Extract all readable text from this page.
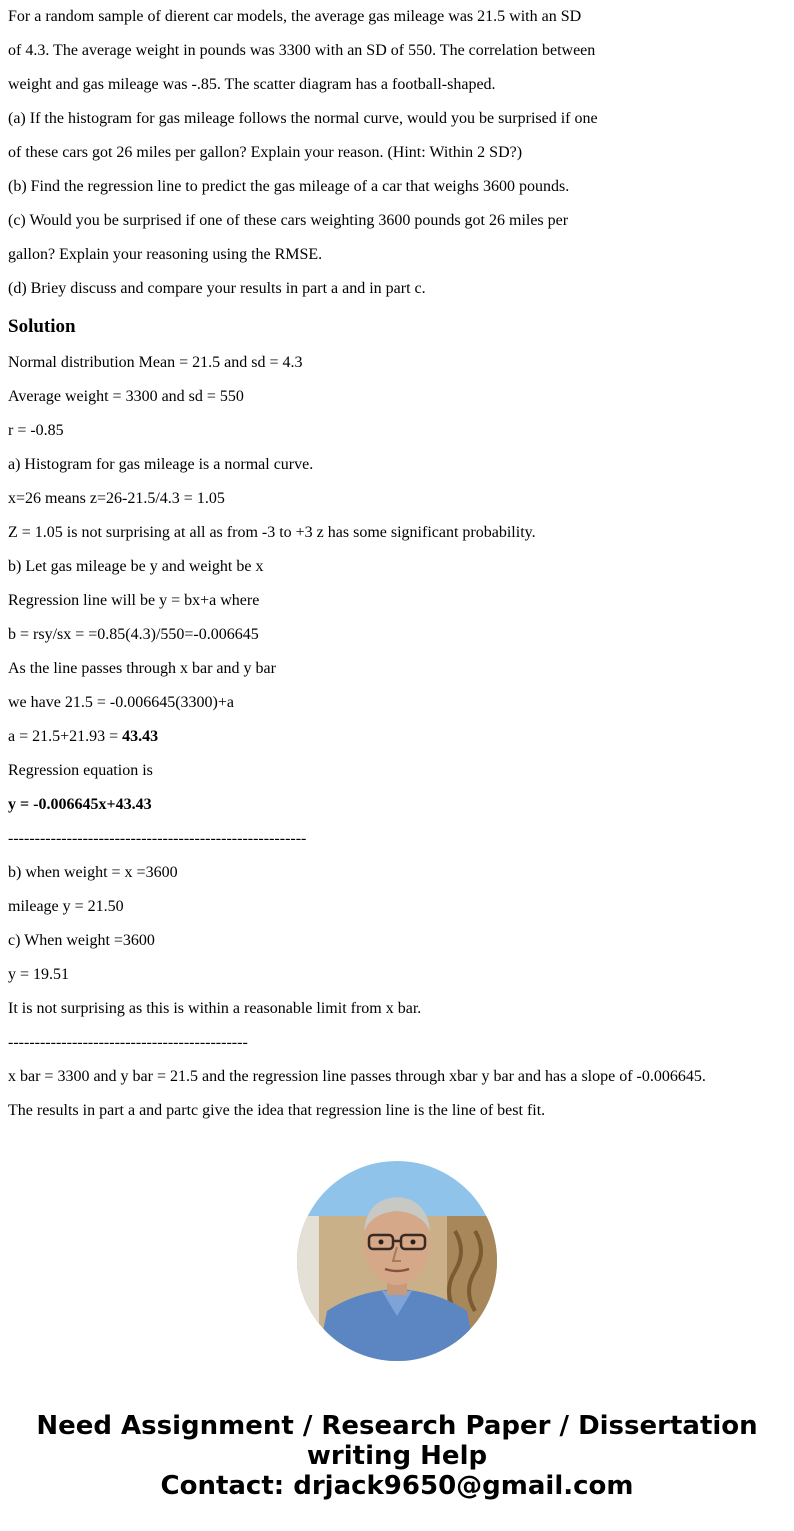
For a random sample of dierent car models, the average gas mileage was 21.5 with an SD

of 4.3. The average weight in pounds was 3300 with an SD of 550. The correlation between

weight and gas mileage was -.85. The scatter diagram has a football-shaped.

(a) If the histogram for gas mileage follows the normal curve, would you be surprised if one

of these cars got 26 miles per gallon? Explain your reason. (Hint: Within 2 SD?)

(b) Find the regression line to predict the gas mileage of a car that weighs 3600 pounds.

(c) Would you be surprised if one of these cars weighting 3600 pounds got 26 miles per

gallon? Explain your reasoning using the RMSE.

(d) Briey discuss and compare your results in part a and in part c.

Solution

Normal distribution Mean = 21.5 and sd = 4.3

Average weight = 3300 and sd = 550

r = -0.85

a) Histogram for gas mileage is a normal curve.

x=26 means z=26-21.5/4.3 = 1.05

Z = 1.05 is not surprising at all as from -3 to +3 z has some significant probability.

b) Let gas mileage be y and weight be x

Regression line will be y = bx+a where

b = rsy/sx = =0.85(4.3)/550=-0.006645

As the line passes through x bar and y bar

we have 21.5 = -0.006645(3300)+a

a = 21.5+21.93 = 43.43

Regression equation is

y = -0.006645x+43.43

--------------------------------------------------------

b) when weight = x =3600

mileage y = 21.50

c) When weight =3600

y = 19.51

It is not surprising as this is within a reasonable limit from x bar.

---------------------------------------------

x bar = 3300 and y bar = 21.5 and the regression line passes through xbar y bar and has a slope of -0.006645.

The results in part a and partc give the idea that regression line is the line of best fit.

Need Assignment / Research Paper / Dissertation
writing Help
Contact: drjack9650@gmail.com
